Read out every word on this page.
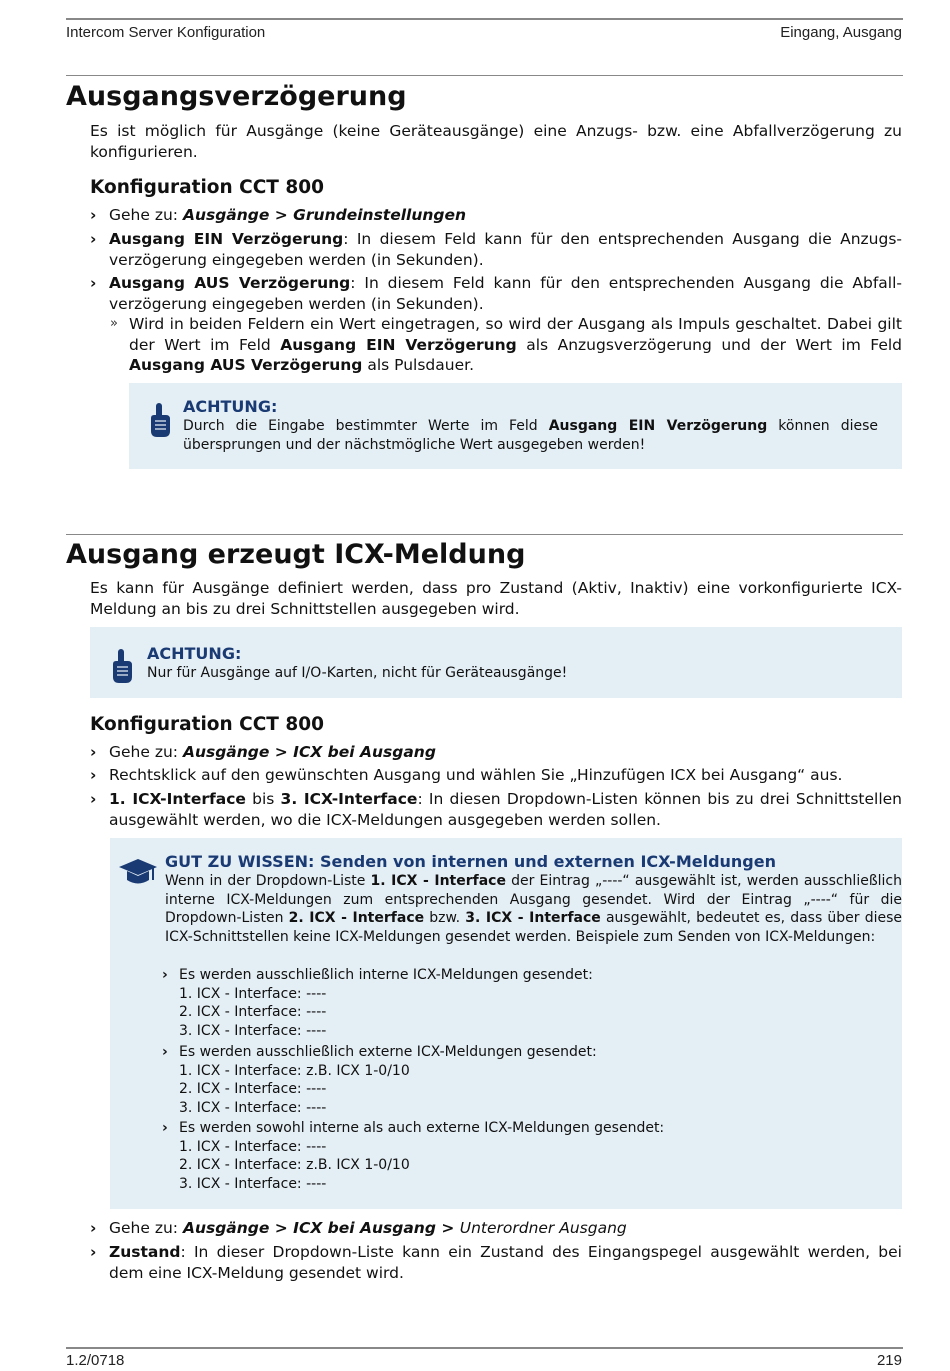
Intercom Server Konfiguration	Eingang, Ausgang
Ausgangsverzögerung

Es ist möglich für Ausgänge (keine Geräteausgänge) eine Anzugs- bzw. eine Abfallverzögerung zu konfigurieren.

Konfiguration CCT 800
› Gehe zu: Ausgänge > Grundeinstellungen
› Ausgang EIN Verzögerung: In diesem Feld kann für den entsprechenden Ausgang die Anzugs-verzögerung eingegeben werden (in Sekunden).
› Ausgang AUS Verzögerung: In diesem Feld kann für den entsprechenden Ausgang die Abfall-verzögerung eingegeben werden (in Sekunden).
» Wird in beiden Feldern ein Wert eingetragen, so wird der Ausgang als Impuls geschaltet. Dabei gilt der Wert im Feld Ausgang EIN Verzögerung als Anzugsverzögerung und der Wert im Feld Ausgang AUS Verzögerung als Pulsdauer.
ACHTUNG:
Durch die Eingabe bestimmter Werte im Feld Ausgang EIN Verzögerung können diese übersprungen und der nächstmögliche Wert ausgegeben werden!
Ausgang erzeugt ICX-Meldung

Es kann für Ausgänge definiert werden, dass pro Zustand (Aktiv, Inaktiv) eine vorkonfigurierte ICX-Meldung an bis zu drei Schnittstellen ausgegeben wird.

ACHTUNG:
Nur für Ausgänge auf I/O-Karten, nicht für Geräteausgänge!
Konfiguration CCT 800
› Gehe zu: Ausgänge > ICX bei Ausgang
› Rechtsklick auf den gewünschten Ausgang und wählen Sie „Hinzufügen ICX bei Ausgang“ aus.
› 1. ICX-Interface bis 3. ICX-Interface: In diesen Dropdown-Listen können bis zu drei Schnittstellen ausgewählt werden, wo die ICX-Meldungen ausgegeben werden sollen.
GUT ZU WISSEN: Senden von internen und externen ICX-Meldungen
Wenn in der Dropdown-Liste 1. ICX - Interface der Eintrag „----“ ausgewählt ist, werden ausschließlich interne ICX-Meldungen zum entsprechenden Ausgang gesendet. Wird der Eintrag „----“ für die Dropdown-Listen 2. ICX - Interface bzw. 3. ICX - Interface ausgewählt, bedeutet es, dass über diese ICX-Schnittstellen keine ICX-Meldungen gesendet werden. Beispiele zum Senden von ICX-Meldungen:
› Es werden ausschließlich interne ICX-Meldungen gesendet:
1. ICX - Interface: ----
2. ICX - Interface: ----
3. ICX - Interface: ----
› Es werden ausschließlich externe ICX-Meldungen gesendet:
1. ICX - Interface: z.B. ICX 1-0/10
2. ICX - Interface: ----
3. ICX - Interface: ----
› Es werden sowohl interne als auch externe ICX-Meldungen gesendet:
1. ICX - Interface: ----
2. ICX - Interface: z.B. ICX 1-0/10
3. ICX - Interface: ----
› Gehe zu: Ausgänge > ICX bei Ausgang > Unterordner Ausgang
› Zustand: In dieser Dropdown-Liste kann ein Zustand des Eingangspegel ausgewählt werden, bei dem eine ICX-Meldung gesendet wird.
1.2/0718	219
